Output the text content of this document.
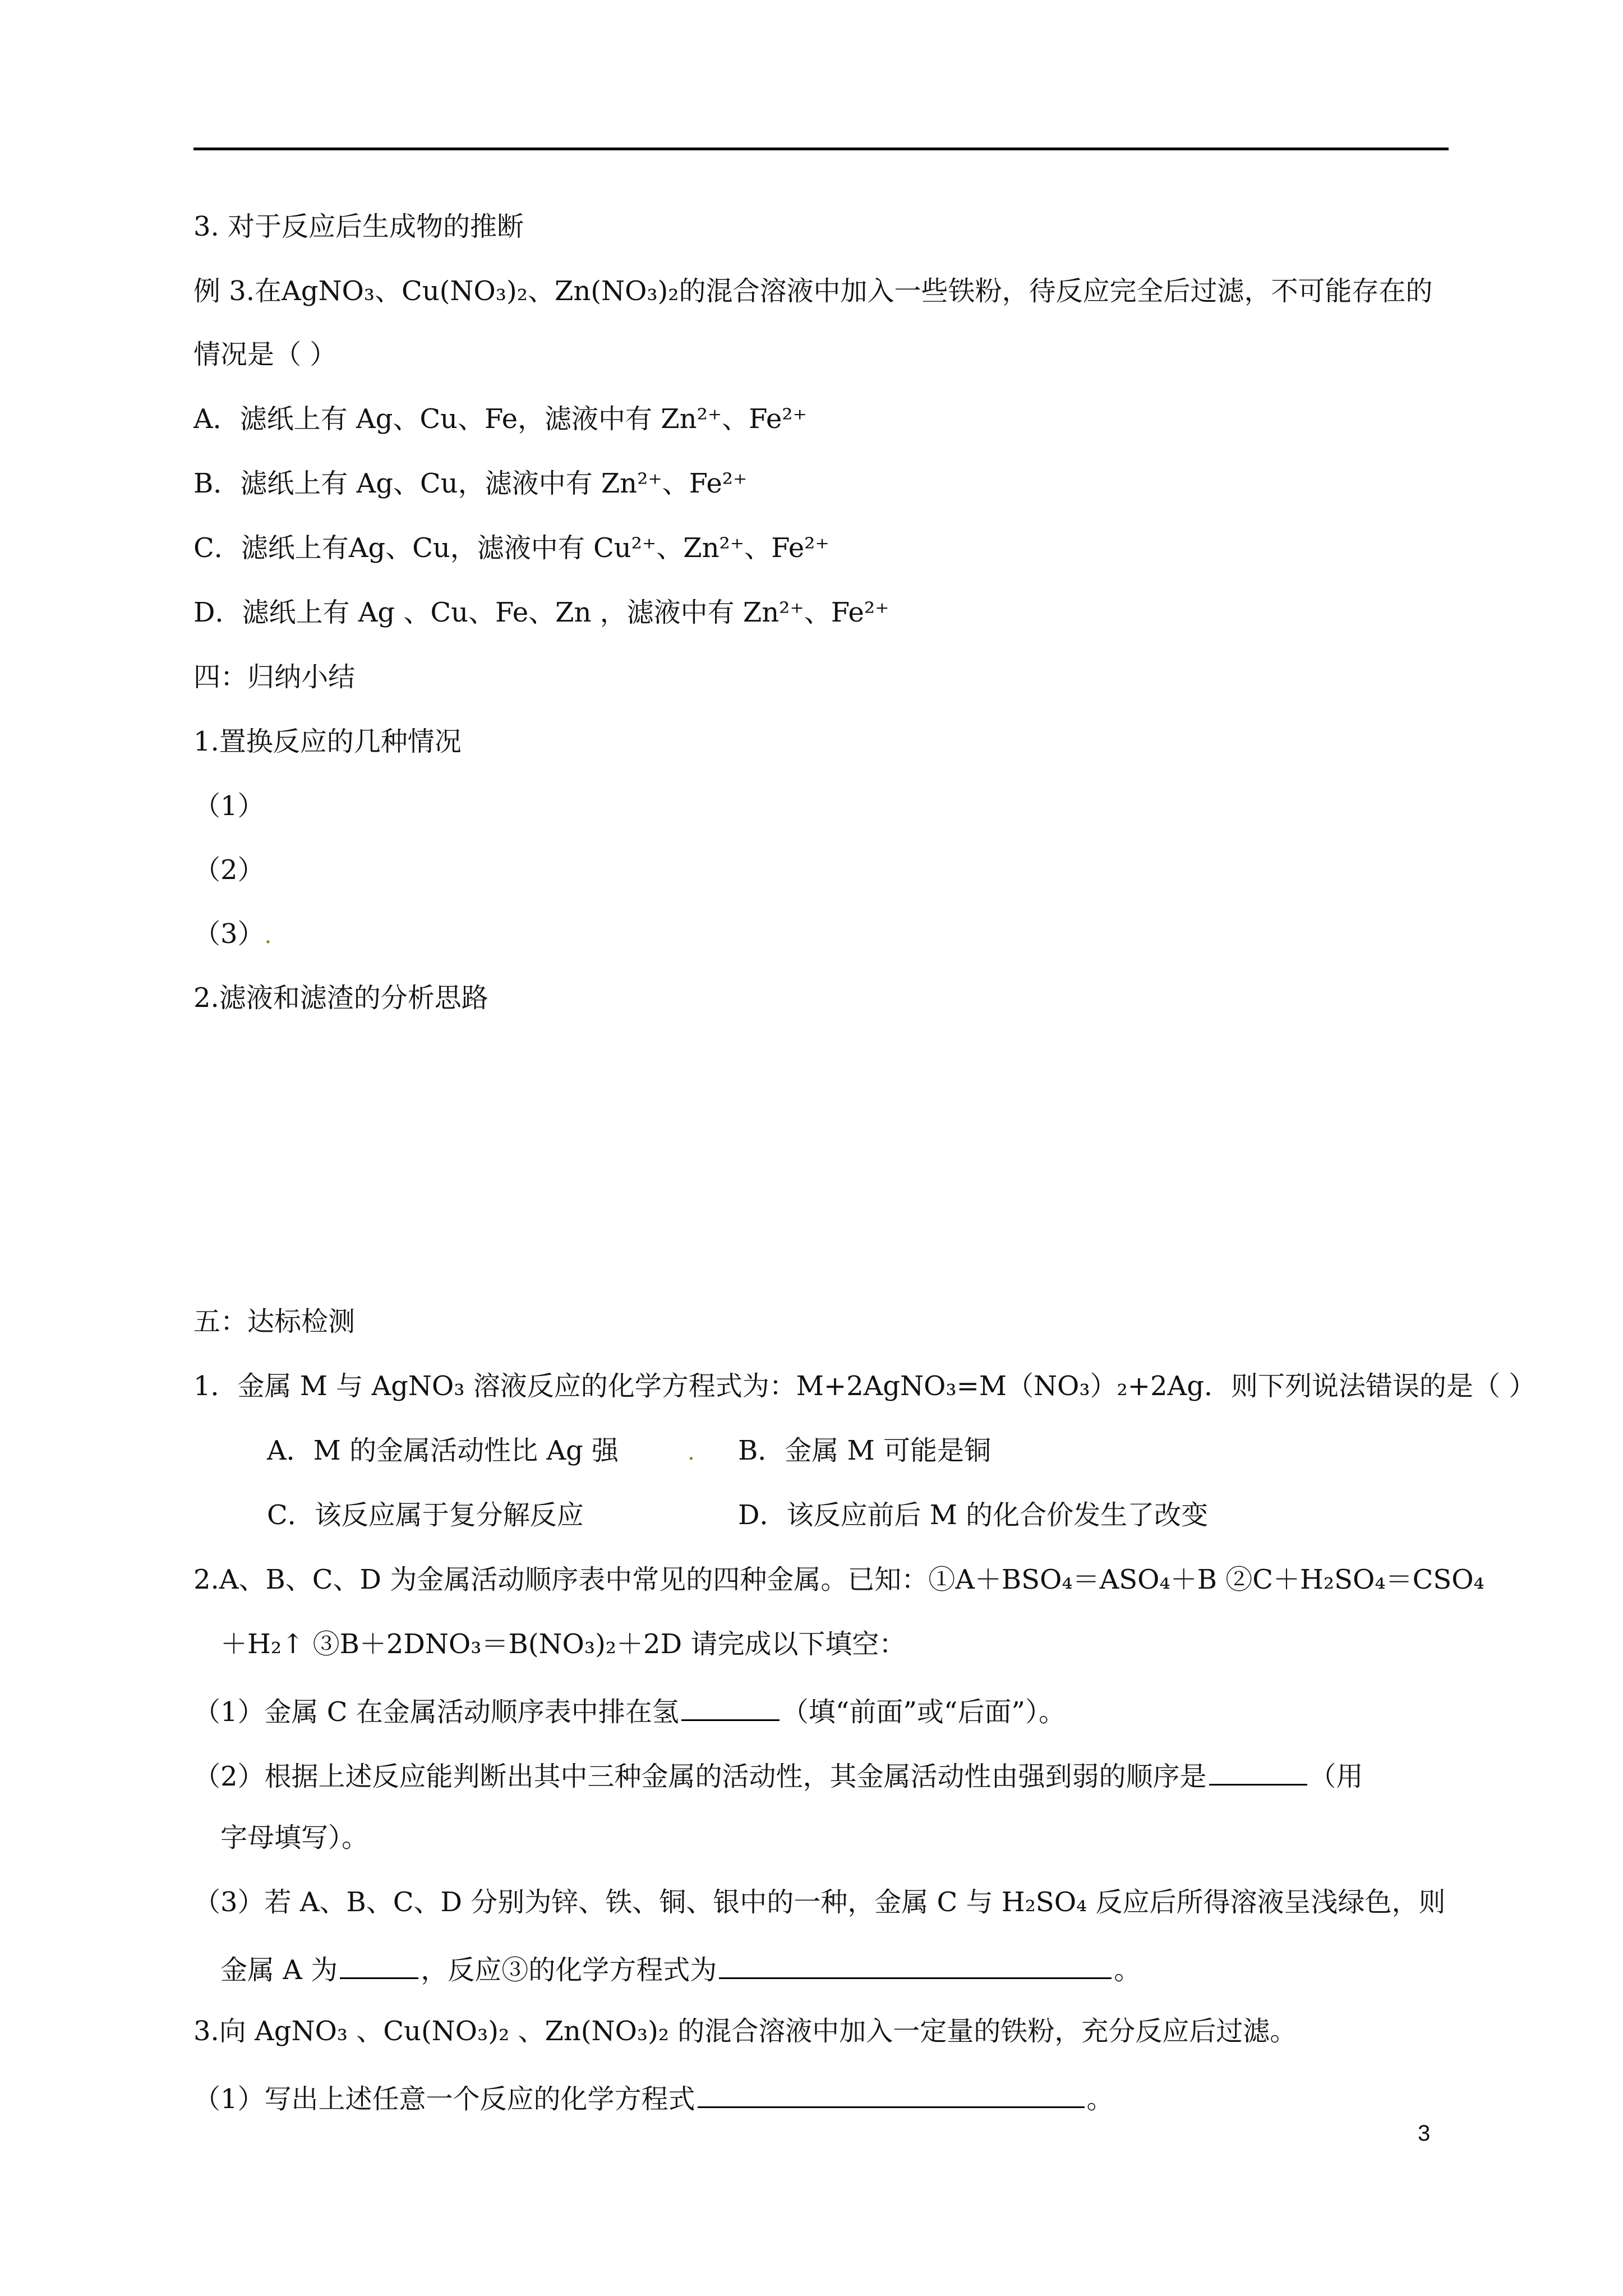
3. 对于反应后生成物的推断
例 3.在AgNO₃、Cu(NO₃)₂、Zn(NO₃)₂的混合溶液中加入一些铁粉，待反应完全后过滤，不可能存在的
情况是（ ）
A．滤纸上有 Ag、Cu、Fe，滤液中有 Zn²⁺、Fe²⁺
B．滤纸上有 Ag、Cu，滤液中有 Zn²⁺、Fe²⁺
C．滤纸上有Ag、Cu，滤液中有 Cu²⁺、Zn²⁺、Fe²⁺
D．滤纸上有 Ag 、Cu、Fe、Zn ，滤液中有 Zn²⁺、Fe²⁺
四：归纳小结
1.置换反应的几种情况
（1）
（2）
（3）.
2.滤液和滤渣的分析思路
五：达标检测
1．金属 M 与 AgNO₃ 溶液反应的化学方程式为：M+2AgNO₃=M（NO₃）₂+2Ag．则下列说法错误的是（ ）
A．M 的金属活动性比 Ag 强	. B．金属 M 可能是铜
C．该反应属于复分解反应	D．该反应前后 M 的化合价发生了改变
2.A、B、C、D 为金属活动顺序表中常见的四种金属。已知：①A＋BSO₄＝ASO₄＋B ②C＋H₂SO₄＝CSO₄
＋H₂↑ ③B＋2DNO₃＝B(NO₃)₂＋2D 请完成以下填空：
（1）金属 C 在金属活动顺序表中排在氢	（填“前面”或“后面”）。
（2）根据上述反应能判断出其中三种金属的活动性，其金属活动性由强到弱的顺序是	（用
字母填写）。
（3）若 A、B、C、D 分别为锌、铁、铜、银中的一种，金属 C 与 H₂SO₄ 反应后所得溶液呈浅绿色，则
金属 A 为	，反应③的化学方程式为	。
3.向 AgNO₃ 、Cu(NO₃)₂ 、Zn(NO₃)₂ 的混合溶液中加入一定量的铁粉，充分反应后过滤。
（1）写出上述任意一个反应的化学方程式	。
3
